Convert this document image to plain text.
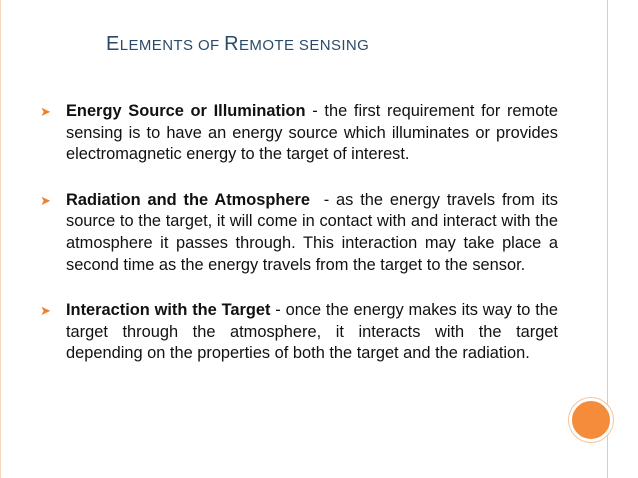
ELEMENTS OF REMOTE SENSING
➤ Energy Source or Illumination - the first requirement for remote sensing is to have an energy source which illuminates or provides electromagnetic energy to the target of interest.
➤ Radiation and the Atmosphere  - as the energy travels from its source to the target, it will come in contact with and interact with the atmosphere it passes through. This interaction may take place a second time as the energy travels from the target to the sensor.
➤ Interaction with the Target - once the energy makes its way to the target through the atmosphere, it interacts with the target depending on the properties of both the target and the radiation.
